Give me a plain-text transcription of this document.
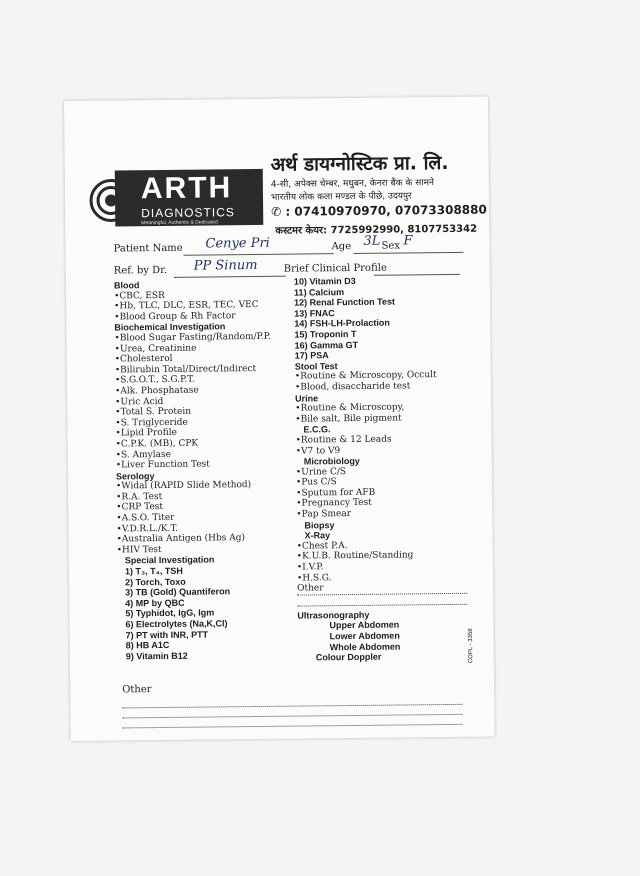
ARTH
DIAGNOSTICS
Meaningful, Authentic & Dedicated
अर्थ डायग्नोस्टिक प्रा. लि.
4-सी, अपेक्स चेम्बर, मधुबन, केनरा बैंक के सामने
भारतीय लोक कला मण्डल के पीछे, उदयपुर
✆ : 07410970970, 07073308880
कस्टमर केयर: 7725992990, 8107753342
Patient Name Cenye Pri	Age 3L Sex F
Ref. by Dr. PP Sinum	Brief Clinical Profile
Blood
• CBC, ESR
• Hb, TLC, DLC, ESR, TEC, VEC
• Blood Group & Rh Factor
Biochemical Investigation
• Blood Sugar Fasting/Random/P.P.
• Urea, Creatinine
• Cholesterol
• Bilirubin Total/Direct/Indirect
• S.G.O.T., S.G.P.T.
• Alk. Phosphatase
• Uric Acid
• Total S. Protein
• S. Triglyceride
• Lipid Profile
• C.P.K. (MB), CPK
• S. Amylase
• Liver Function Test
Serology
• Widal (RAPID Slide Method)
• R.A. Test
• CRP Test
• A.S.O. Titer
• V.D.R.L./K.T.
• Australia Antigen (Hbs Ag)
• HIV Test
Special Investigation
1) T₃, T₄, TSH
2) Torch, Toxo
3) TB (Gold) Quantiferon
4) MP by QBC
5) Typhidot, IgG, Igm
6) Electrolytes (Na,K,Cl)
7) PT with INR, PTT
8) HB A1C
9) Vitamin B12
10) Vitamin D3
11) Calcium
12) Renal Function Test
13) FNAC
14) FSH-LH-Prolaction
15) Troponin T
16) Gamma GT
17) PSA
Stool Test
• Routine & Microscopy, Occult
• Blood, disaccharide test
Urine
• Routine & Microscopy,
• Bile salt, Bile pigment
E.C.G.
• Routine & 12 Leads
• V7 to V9
Microbiology
• Urine C/S
• Pus C/S
• Sputum for AFB
• Pregnancy Test
• Pap Smear
Biopsy
X-Ray
• Chest P.A.
• K.U.B. Routine/Standing
• I.V.P.
• H.S.G.
Other
Ultrasonography
Upper Abdomen
Lower Abdomen
Whole Abdomen
Colour Doppler
Other
COPL - 3358
